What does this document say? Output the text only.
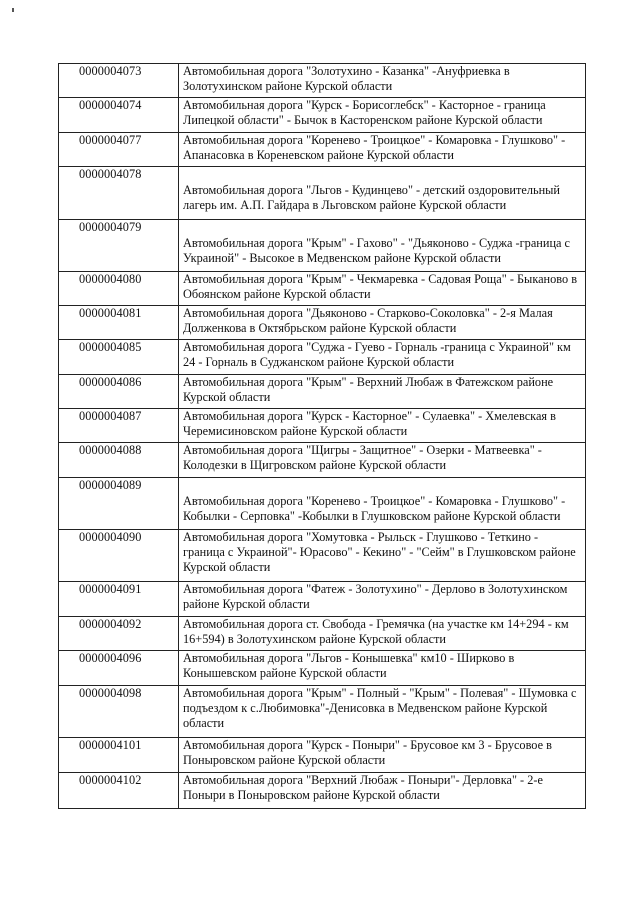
0000004073	Автомобильная дорога "Золотухино - Казанка" -Ануфриевка в Золотухинском районе Курской области

0000004074	Автомобильная дорога "Курск - Борисоглебск" - Касторное - граница Липецкой области" - Бычок в Касторенском районе Курской области

0000004077	Автомобильная дорога "Коренево - Троицкое" - Комаровка - Глушково" - Апанасовка в Кореневском районе Курской области

0000004078	Автомобильная дорога "Льгов - Кудинцево" - детский оздоровительный лагерь им. А.П. Гайдара в Льговском районе Курской области

0000004079	Автомобильная дорога "Крым" - Гахово" - "Дьяконово - Суджа -граница с Украиной" - Высокое в Медвенском районе Курской области

0000004080	Автомобильная дорога "Крым" - Чекмаревка - Садовая Роща" - Быканово в Обоянском районе Курской области

0000004081	Автомобильная дорога "Дьяконово - Старково-Соколовка" - 2-я Малая Долженкова в Октябрьском районе Курской области

0000004085	Автомобильная дорога "Суджа - Гуево - Горналь -граница с Украиной" км 24 - Горналь в Суджанском районе Курской области

0000004086	Автомобильная дорога "Крым" - Верхний Любаж в Фатежском районе Курской области

0000004087	Автомобильная дорога "Курск - Касторное" - Сулаевка" - Хмелевская в Черемисиновском районе Курской области

0000004088	Автомобильная дорога "Щигры - Защитное" - Озерки - Матвеевка" - Колодезки в Щигровском районе Курской области

0000004089	Автомобильная дорога "Коренево - Троицкое" - Комаровка - Глушково" - Кобылки - Серповка" -Кобылки в Глушковском районе Курской области

0000004090	Автомобильная дорога "Хомутовка - Рыльск - Глушково - Теткино - граница с Украиной"- Юрасово" - Кекино" - "Сейм" в Глушковском районе Курской области

0000004091	Автомобильная дорога "Фатеж - Золотухино" - Дерлово в Золотухинском районе Курской области

0000004092	Автомобильная дорога ст. Свобода - Гремячка (на участке км 14+294 - км 16+594) в Золотухинском районе Курской области

0000004096	Автомобильная дорога "Льгов - Конышевка" км10 - Ширково в Конышевском районе Курской области

0000004098	Автомобильная дорога "Крым" - Полный - "Крым" - Полевая" - Шумовка с подъездом к с.Любимовка"-Денисовка в Медвенском районе Курской области

0000004101	Автомобильная дорога "Курск - Поныри" - Брусовое км 3 - Брусовое в Поныровском районе Курской области

0000004102	Автомобильная дорога "Верхний Любаж - Поныри"- Дерловка" - 2-е Поныри в Поныровском районе Курской области
